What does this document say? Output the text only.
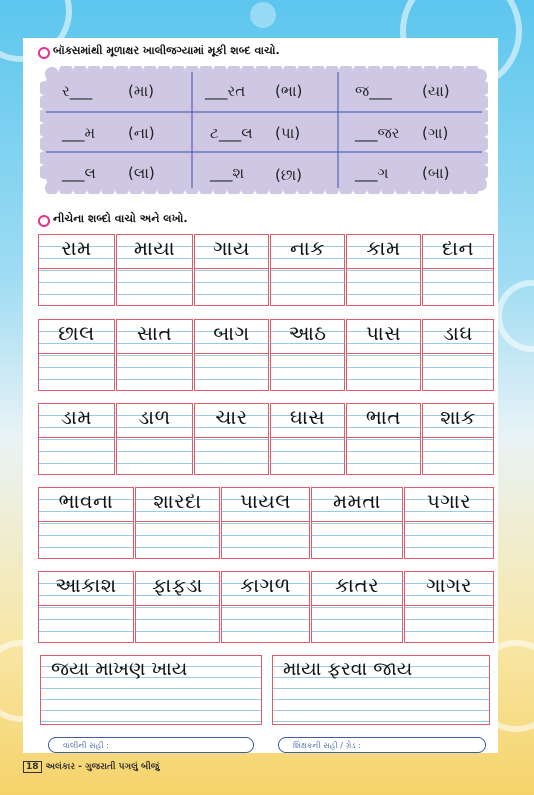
બૉક્સમાંથી મૂળાક્ષર ખાલીજગ્યામાં મૂકી શબ્દ વાચો.
ર___ (મા)	___રત (ભા)	જ___ (યા)
___મ (ના)	ટ___લ (પા)	___જર (ગા)
___લ (લા)	___શ (છા)	___ગ (બા)
નીચેના શબ્દો વાચો અને લખો.
રામ	માયા	ગાય	નાક	કામ	દાન
છાલ	સાત	બાગ	આઠ	પાસ	ડાઘ
ડામ	ડાળ	ચાર	ઘાસ	ભાત	શાક
ભાવના	શારદા	પાયલ	મમતા	પગાર
આકાશ	ફાફડા	કાગળ	કાતર	ગાગર
જયા માખણ ખાય	માયા ફરવા જાય
વાલીની સહી :	શિક્ષકની સહી / ગ્રેડ :
18 અલંકાર - ગુજરાતી પગલું બીજું
